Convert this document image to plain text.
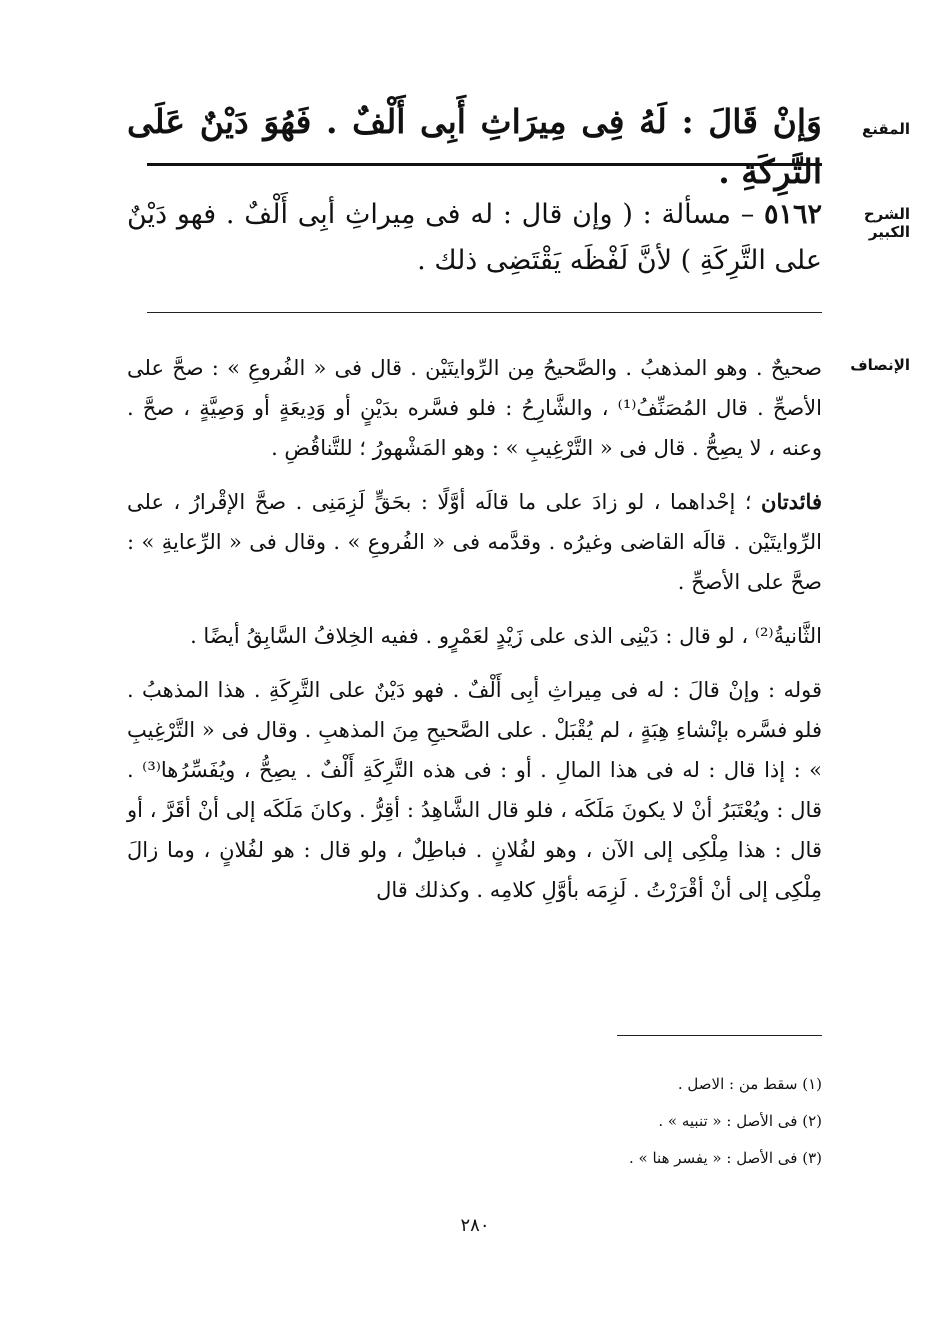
المقنع
وَإنْ قَالَ : لَهُ فِى مِيرَاثِ أَبِى أَلْفٌ . فَهُوَ دَيْنٌ عَلَى التَّرِكَةِ .
الشرح الكبير
٥١٦٢ – مسألة : ( وإن قال : له فى مِيراثِ أبِى أَلْفٌ . فهو دَيْنٌ على التَّرِكَةِ ) لأنَّ لَفْظَه يَقْتَضِى ذلك .
الإنصاف

صحيحٌ . وهو المذهبُ . والصَّحيحُ مِن الرِّوايتَيْن . قال فى « الفُروعِ » : صحَّ على الأصحِّ . قال المُصَنِّفُ⁽¹⁾ ، والشَّارِحُ : فلو فسَّره بدَيْنٍ أو وَدِيعَةٍ أو وَصِيَّةٍ ، صحَّ . وعنه ، لا يصِحُّ . قال فى « التَّرْغِيبِ » : وهو المَشْهورُ ؛ للتَّناقُضِ .

فائدتان ؛ إحْداهما ، لو زادَ على ما قالَه أوَّلًا : بحَقٍّ لَزِمَنِى . صحَّ الإقْرارُ ، على الرِّوايتَيْن . قالَه القاضى وغيرُه . وقدَّمه فى « الفُروعِ » . وقال فى « الرِّعايةِ » : صحَّ على الأصحِّ .

الثَّانيةُ⁽²⁾ ، لو قال : دَيْنِى الذى على زَيْدٍ لعَمْرٍو . ففيه الخِلافُ السَّابِقُ أيضًا .

قوله : وإنْ قالَ : له فى مِيراثِ أبِى أَلْفٌ . فهو دَيْنٌ على التَّرِكَةِ . هذا المذهبُ . فلو فسَّره بإنْشاءِ هِبَةٍ ، لم يُقْبَلْ . على الصَّحيحِ مِنَ المذهبِ . وقال فى « التَّرْغِيبِ » : إذا قال : له فى هذا المالِ . أو : فى هذه التَّرِكَةِ أَلْفٌ . يصِحُّ ، ويُفَسِّرُها⁽³⁾ . قال : ويُعْتَبَرُ أنْ لا يكونَ مَلَكَه ، فلو قال الشَّاهِدُ : أقِرُّ . وكانَ مَلَكَه إلى أنْ أقَرَّ ، أو قال : هذا مِلْكِى إلى الآن ، وهو لفُلانٍ . فباطِلٌ ، ولو قال : هو لفُلانٍ ، وما زالَ مِلْكِى إلى أنْ أقْرَرْتُ . لَزِمَه بأوَّلِ كلامِه . وكذلك قال

(١) سقط من : الاصل .
(٢) فى الأصل : « تنبيه » .
(٣) فى الأصل : « يفسر هنا » .
٢٨٠
